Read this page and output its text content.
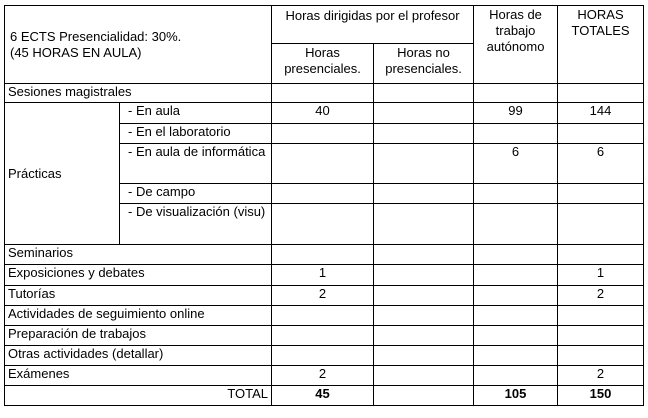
6 ECTS Presencialidad: 30%.
(45 HORAS EN AULA)		Horas dirigidas por el profesor		Horas de trabajo autónomo	HORAS TOTALES
		Horas presenciales.	Horas no presenciales.		
Sesiones magistrales					
Prácticas	- En aula	40		99	144
	- En el laboratorio				
	- En aula de informática			6	6
	- De campo				
	- De visualización (visu)				
Seminarios					
Exposiciones y debates		1			1
Tutorías		2			2
Actividades de seguimiento online					
Preparación de trabajos					
Otras actividades (detallar)					
Exámenes		2			2
TOTAL		45		105	150
